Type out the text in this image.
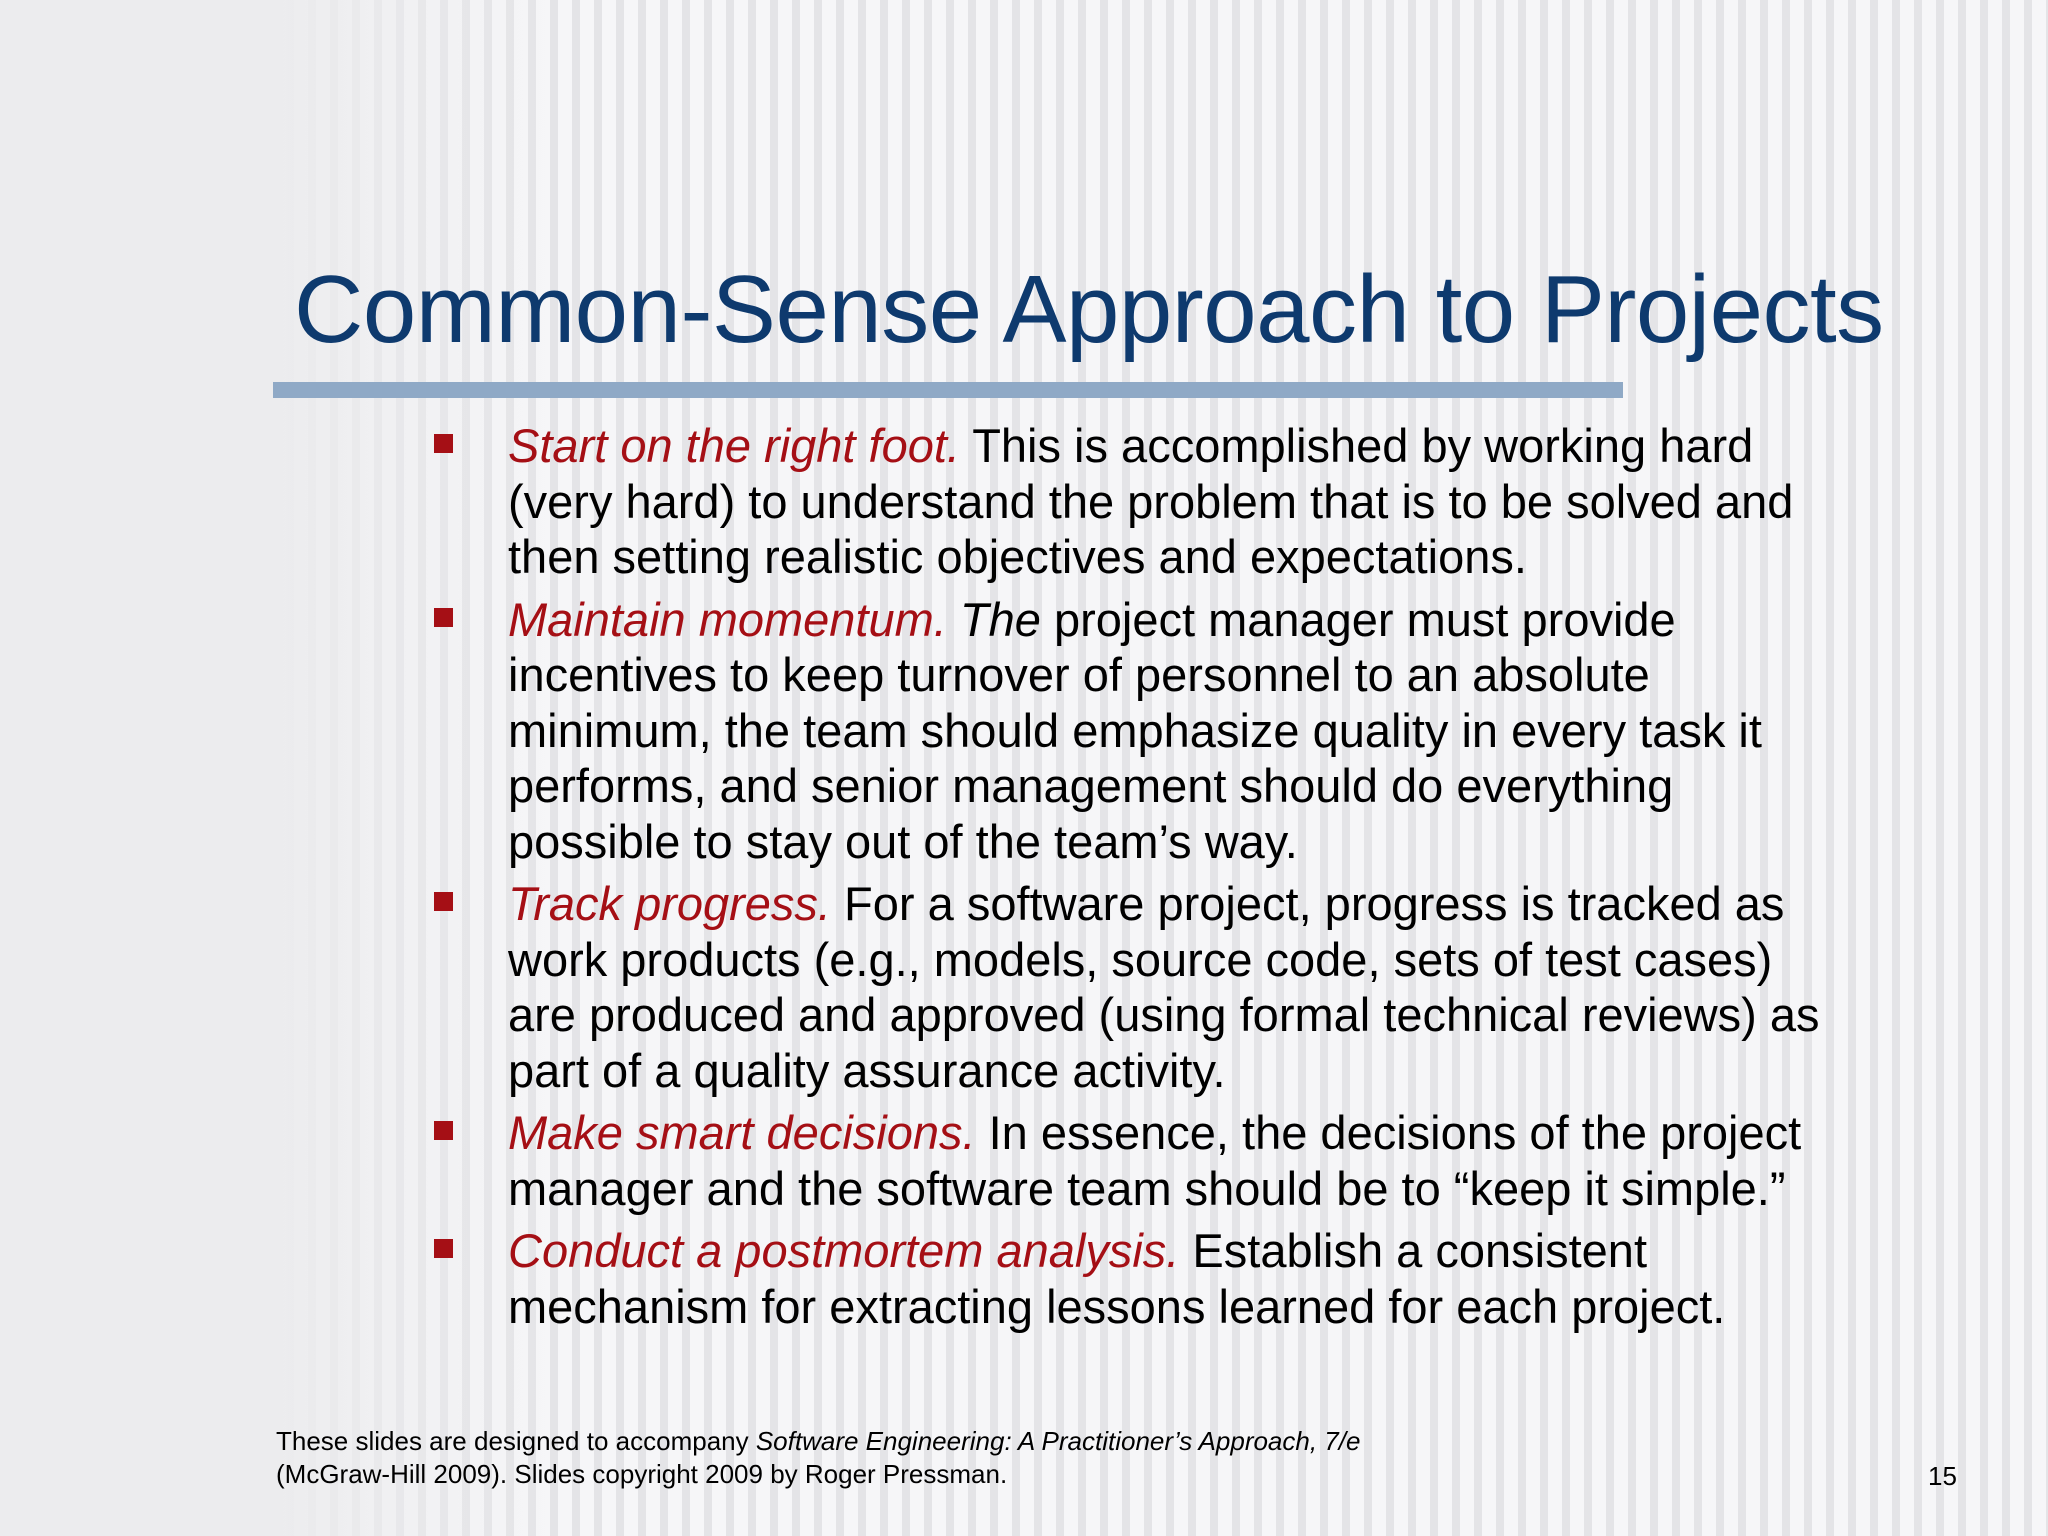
Common-Sense Approach to Projects
Start on the right foot. This is accomplished by working hard
(very hard) to understand the problem that is to be solved and
then setting realistic objectives and expectations.
Maintain momentum. The project manager must provide
incentives to keep turnover of personnel to an absolute
minimum, the team should emphasize quality in every task it
performs, and senior management should do everything
possible to stay out of the team’s way.
Track progress. For a software project, progress is tracked as
work products (e.g., models, source code, sets of test cases)
are produced and approved (using formal technical reviews) as
part of a quality assurance activity.
Make smart decisions. In essence, the decisions of the project
manager and the software team should be to “keep it simple.”
Conduct a postmortem analysis. Establish a consistent
mechanism for extracting lessons learned for each project.
These slides are designed to accompany Software Engineering: A Practitioner’s Approach, 7/e
(McGraw-Hill 2009). Slides copyright 2009 by Roger Pressman.	15
